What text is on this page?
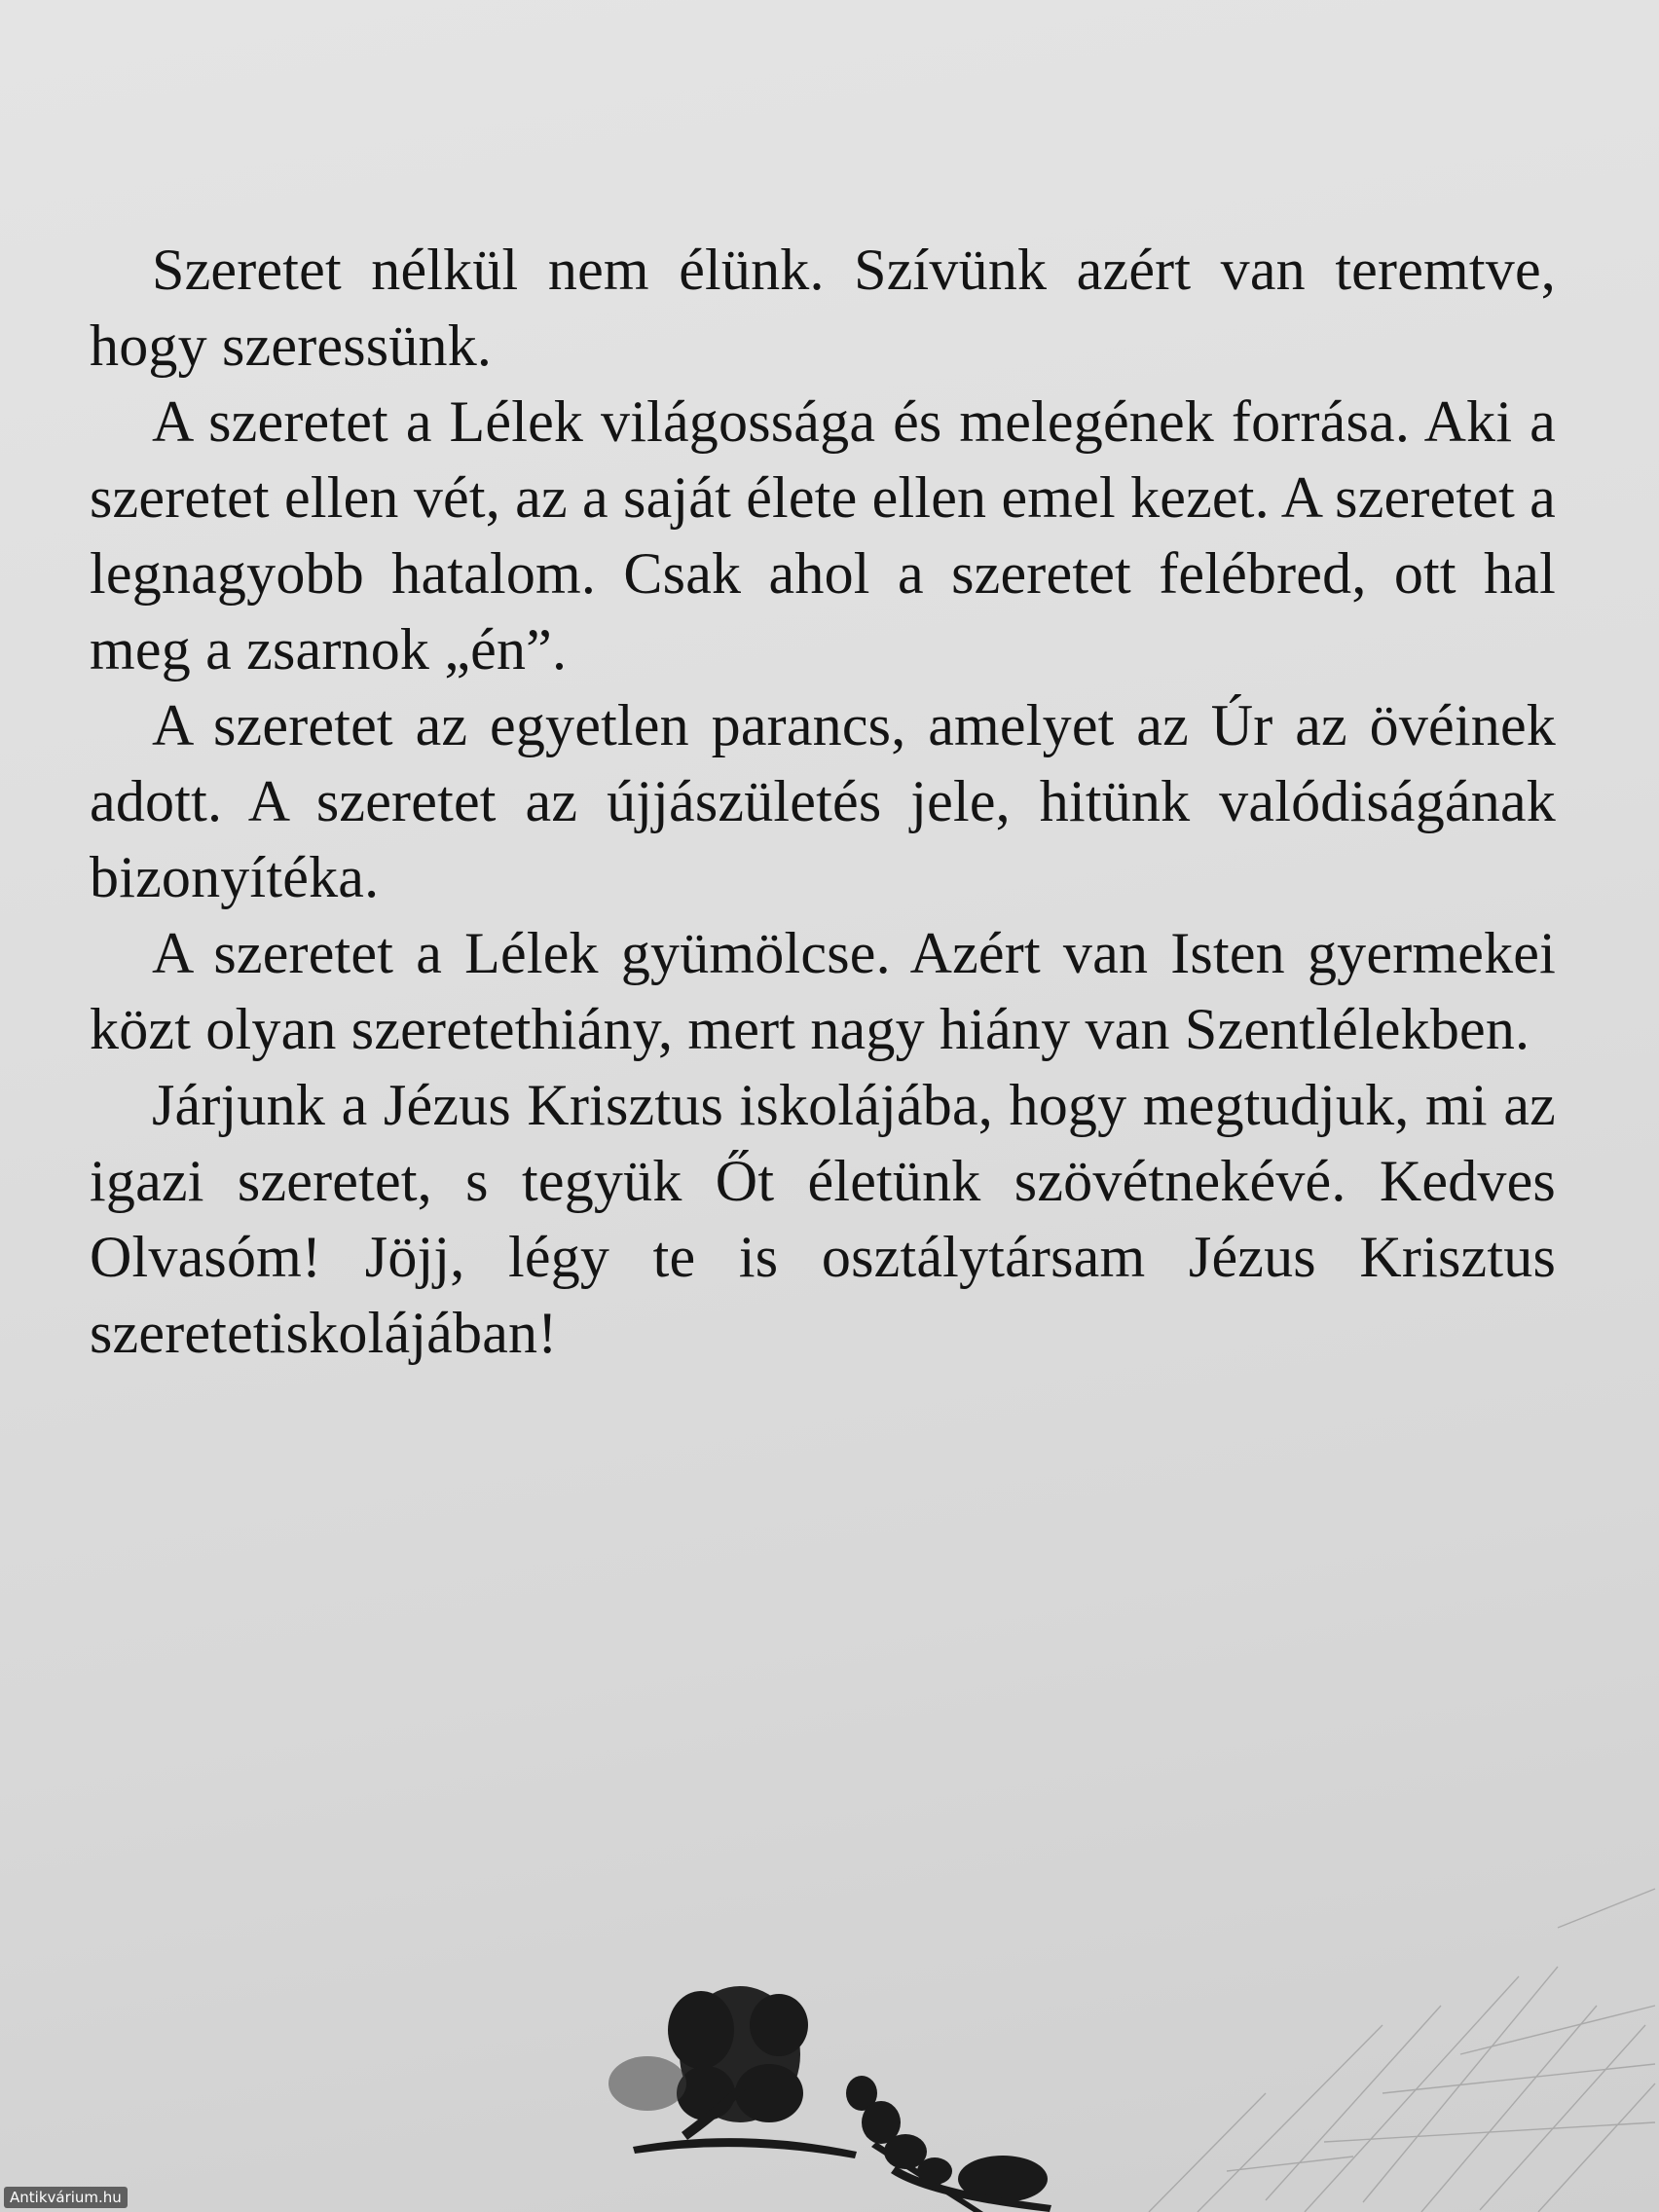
Szeretet nélkül nem élünk. Szívünk azért van teremtve, hogy szeressünk.

A szeretet a Lélek világossága és melegének forrása. Aki a szeretet ellen vét, az a saját élete ellen emel kezet. A szeretet a legnagyobb hatalom. Csak ahol a szeretet felébred, ott hal meg a zsarnok „én”.

A szeretet az egyetlen parancs, amelyet az Úr az övéinek adott. A szeretet az újjászületés jele, hitünk valódiságának bizonyítéka.

A szeretet a Lélek gyümölcse. Azért van Isten gyermekei közt olyan szeretethiány, mert nagy hiány van Szentlélekben.

Járjunk a Jézus Krisztus iskolájába, hogy megtudjuk, mi az igazi szeretet, s tegyük Őt életünk szövétnekévé. Kedves Olvasóm! Jöjj, légy te is osztálytársam Jézus Krisztus szeretetiskolájában!

Antikvárium.hu
